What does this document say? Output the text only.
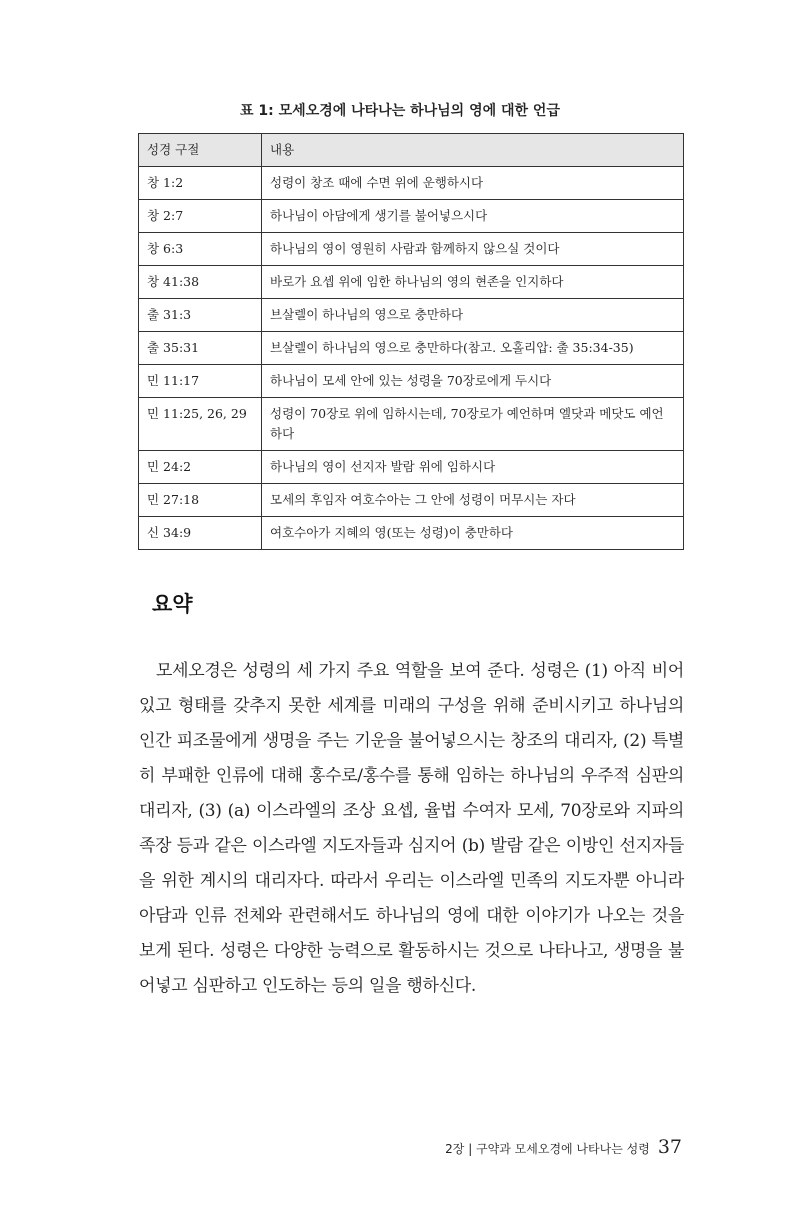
표 1: 모세오경에 나타나는 하나님의 영에 대한 언급
성경 구절	내용
창 1:2	성령이 창조 때에 수면 위에 운행하시다
창 2:7	하나님이 아담에게 생기를 불어넣으시다
창 6:3	하나님의 영이 영원히 사람과 함께하지 않으실 것이다
창 41:38	바로가 요셉 위에 임한 하나님의 영의 현존을 인지하다
출 31:3	브살렐이 하나님의 영으로 충만하다
출 35:31	브살렐이 하나님의 영으로 충만하다(참고. 오홀리압: 출 35:34-35)
민 11:17	하나님이 모세 안에 있는 성령을 70장로에게 두시다
민 11:25, 26, 29	성령이 70장로 위에 임하시는데, 70장로가 예언하며 엘닷과 메닷도 예언하다
민 24:2	하나님의 영이 선지자 발람 위에 임하시다
민 27:18	모세의 후임자 여호수아는 그 안에 성령이 머무시는 자다
신 34:9	여호수아가 지혜의 영(또는 성령)이 충만하다
요약

모세오경은 성령의 세 가지 주요 역할을 보여 준다. 성령은 (1) 아직 비어 있고 형태를 갖추지 못한 세계를 미래의 구성을 위해 준비시키고 하나님의 인간 피조물에게 생명을 주는 기운을 불어넣으시는 창조의 대리자, (2) 특별히 부패한 인류에 대해 홍수로/홍수를 통해 임하는 하나님의 우주적 심판의 대리자, (3) (a) 이스라엘의 조상 요셉, 율법 수여자 모세, 70장로와 지파의 족장 등과 같은 이스라엘 지도자들과 심지어 (b) 발람 같은 이방인 선지자들을 위한 계시의 대리자다. 따라서 우리는 이스라엘 민족의 지도자뿐 아니라 아담과 인류 전체와 관련해서도 하나님의 영에 대한 이야기가 나오는 것을 보게 된다. 성령은 다양한 능력으로 활동하시는 것으로 나타나고, 생명을 불어넣고 심판하고 인도하는 등의 일을 행하신다.

2장 | 구약과 모세오경에 나타나는 성령 37
